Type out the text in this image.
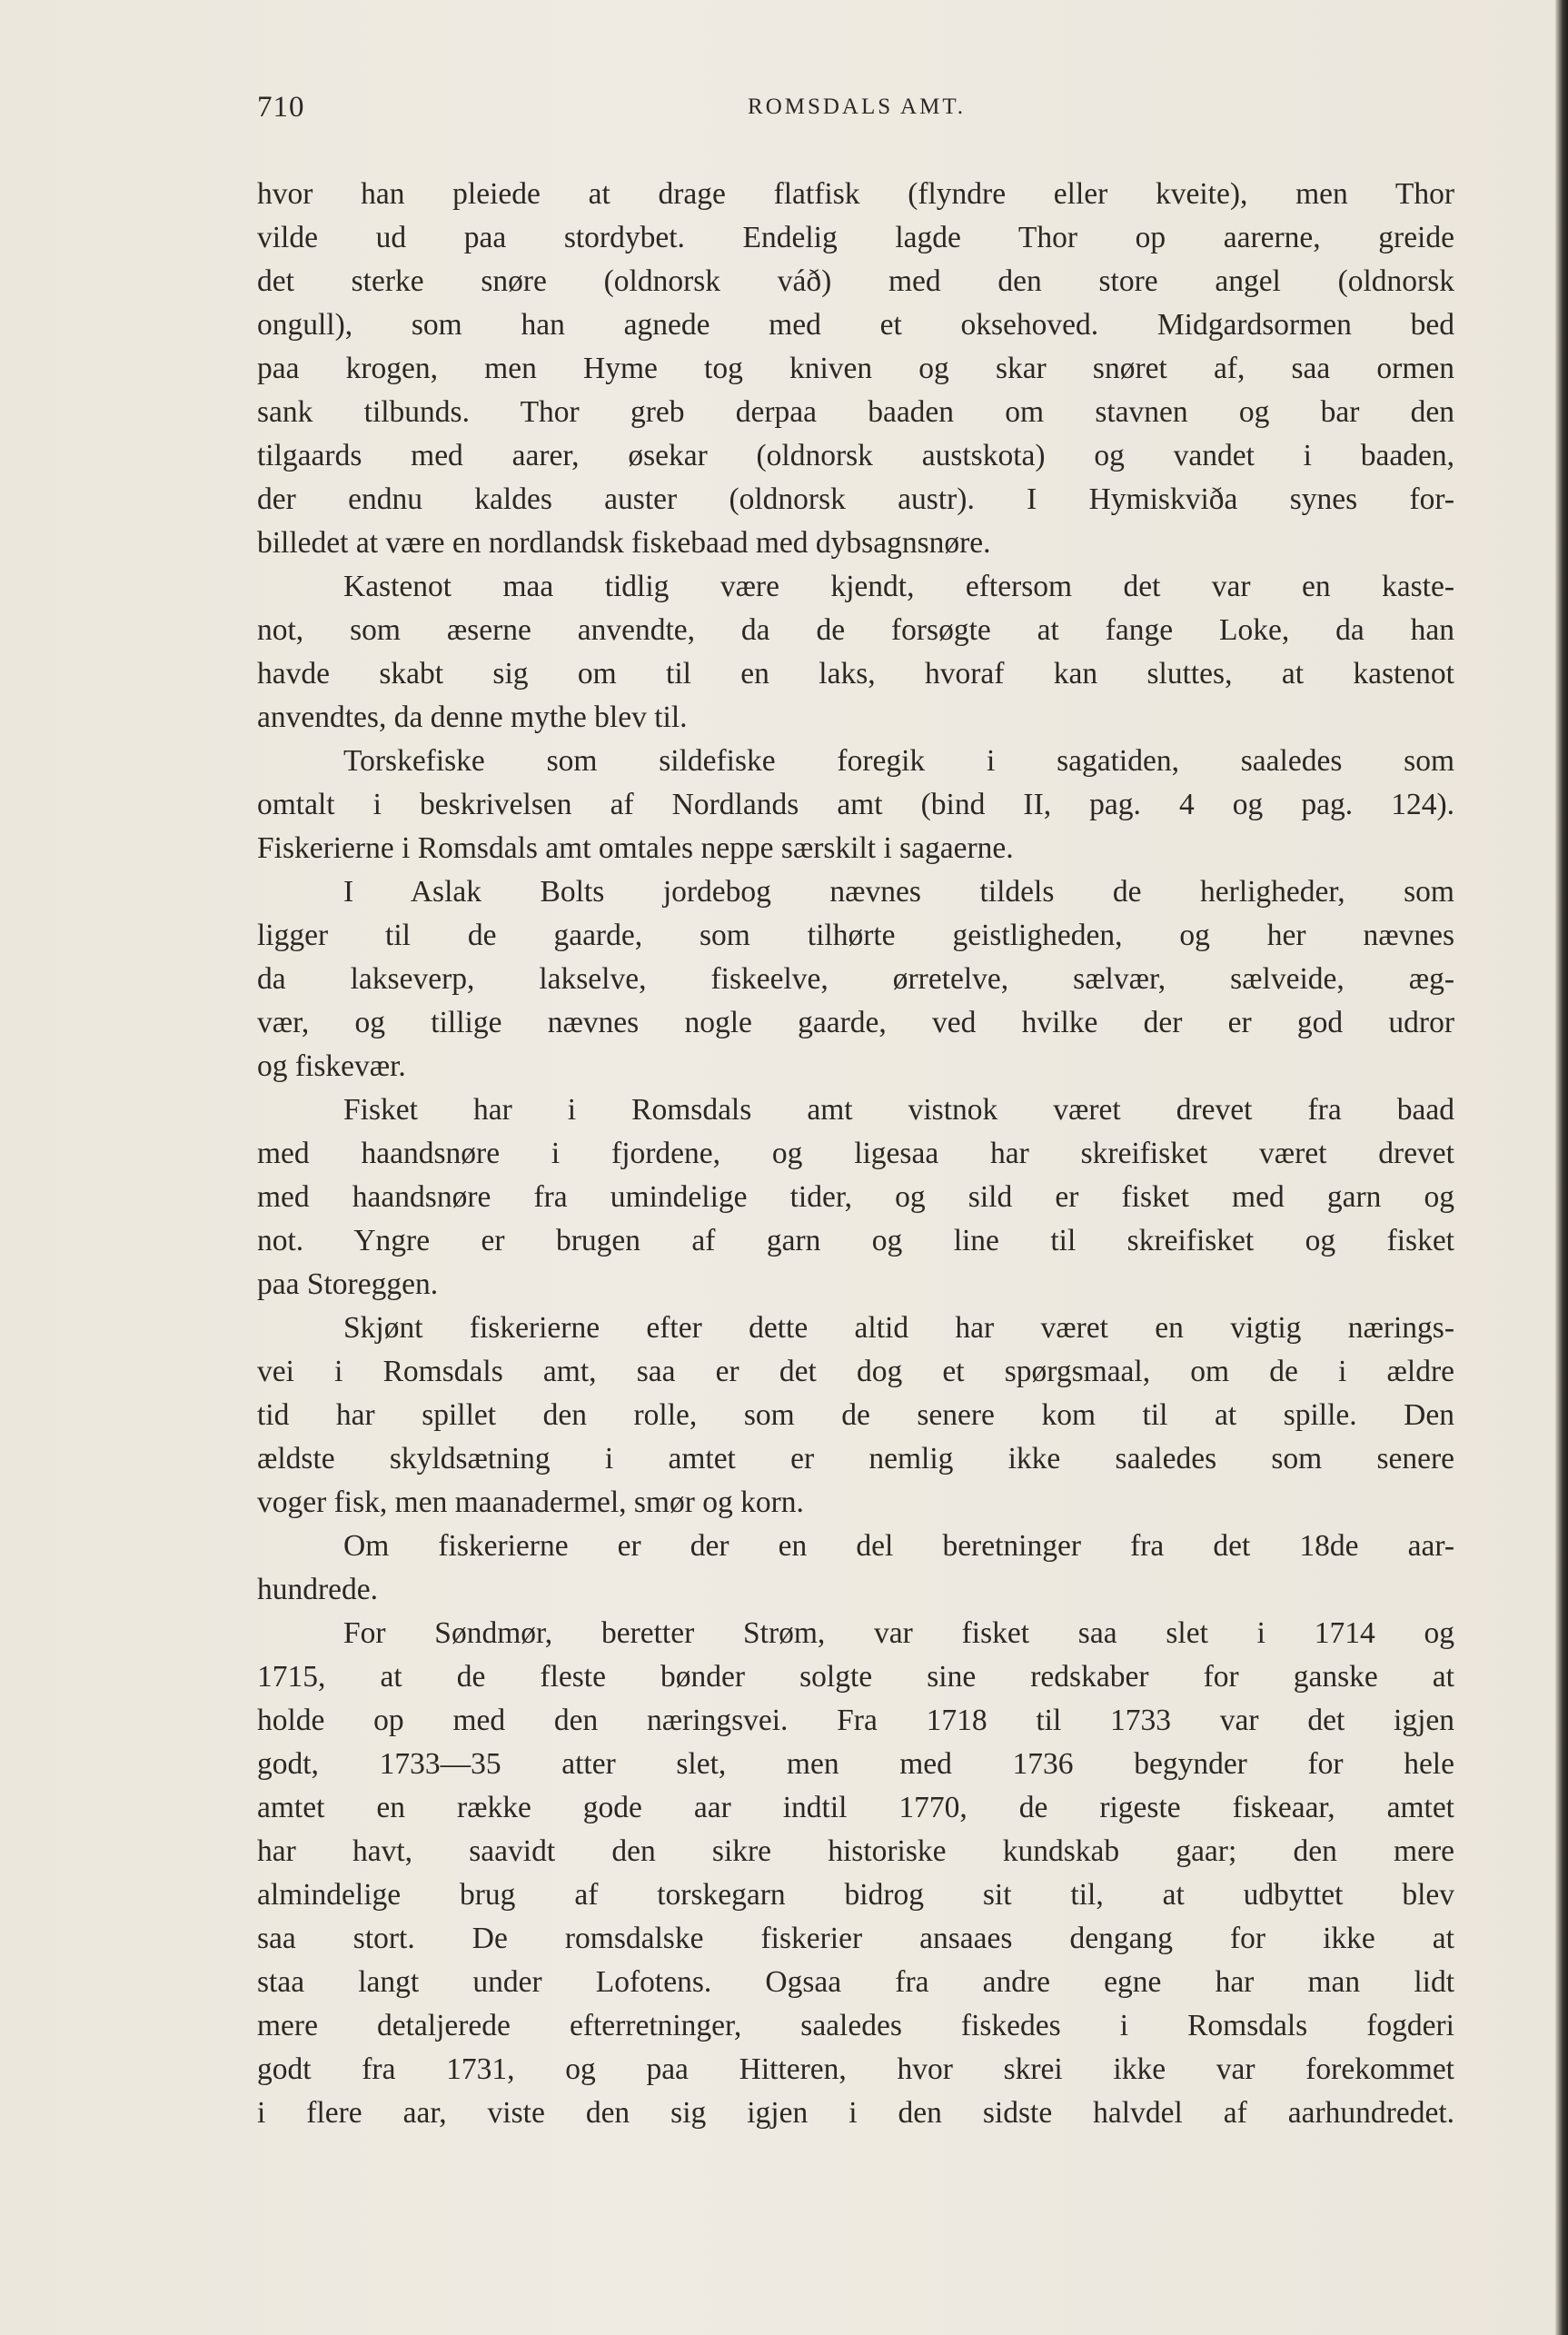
710	ROMSDALS AMT.
hvor han pleiede at drage flatfisk (flyndre eller kveite), men Thor
vilde ud paa stordybet. Endelig lagde Thor op aarerne, greide
det sterke snøre (oldnorsk váð) med den store angel (oldnorsk
ongull), som han agnede med et oksehoved. Midgardsormen bed
paa krogen, men Hyme tog kniven og skar snøret af, saa ormen
sank tilbunds. Thor greb derpaa baaden om stavnen og bar den
tilgaards med aarer, øsekar (oldnorsk austskota) og vandet i baaden,
der endnu kaldes auster (oldnorsk austr). I Hymiskviða synes for-
billedet at være en nordlandsk fiskebaad med dybsagnsnøre.
Kastenot maa tidlig være kjendt, eftersom det var en kaste-
not, som æserne anvendte, da de forsøgte at fange Loke, da han
havde skabt sig om til en laks, hvoraf kan sluttes, at kastenot
anvendtes, da denne mythe blev til.
Torskefiske som sildefiske foregik i sagatiden, saaledes som
omtalt i beskrivelsen af Nordlands amt (bind II, pag. 4 og pag. 124).
Fiskerierne i Romsdals amt omtales neppe særskilt i sagaerne.
I Aslak Bolts jordebog nævnes tildels de herligheder, som
ligger til de gaarde, som tilhørte geistligheden, og her nævnes
da lakseverp, lakselve, fiskeelve, ørretelve, sælvær, sælveide, æg-
vær, og tillige nævnes nogle gaarde, ved hvilke der er god udror
og fiskevær.
Fisket har i Romsdals amt vistnok været drevet fra baad
med haandsnøre i fjordene, og ligesaa har skreifisket været drevet
med haandsnøre fra umindelige tider, og sild er fisket med garn og
not. Yngre er brugen af garn og line til skreifisket og fisket
paa Storeggen.
Skjønt fiskerierne efter dette altid har været en vigtig nærings-
vei i Romsdals amt, saa er det dog et spørgsmaal, om de i ældre
tid har spillet den rolle, som de senere kom til at spille. Den
ældste skyldsætning i amtet er nemlig ikke saaledes som senere
voger fisk, men maanadermel, smør og korn.
Om fiskerierne er der en del beretninger fra det 18de aar-
hundrede.
For Søndmør, beretter Strøm, var fisket saa slet i 1714 og
1715, at de fleste bønder solgte sine redskaber for ganske at
holde op med den næringsvei. Fra 1718 til 1733 var det igjen
godt, 1733—35 atter slet, men med 1736 begynder for hele
amtet en række gode aar indtil 1770, de rigeste fiskeaar, amtet
har havt, saavidt den sikre historiske kundskab gaar; den mere
almindelige brug af torskegarn bidrog sit til, at udbyttet blev
saa stort. De romsdalske fiskerier ansaaes dengang for ikke at
staa langt under Lofotens. Ogsaa fra andre egne har man lidt
mere detaljerede efterretninger, saaledes fiskedes i Romsdals fogderi
godt fra 1731, og paa Hitteren, hvor skrei ikke var forekommet
i flere aar, viste den sig igjen i den sidste halvdel af aarhundredet.
